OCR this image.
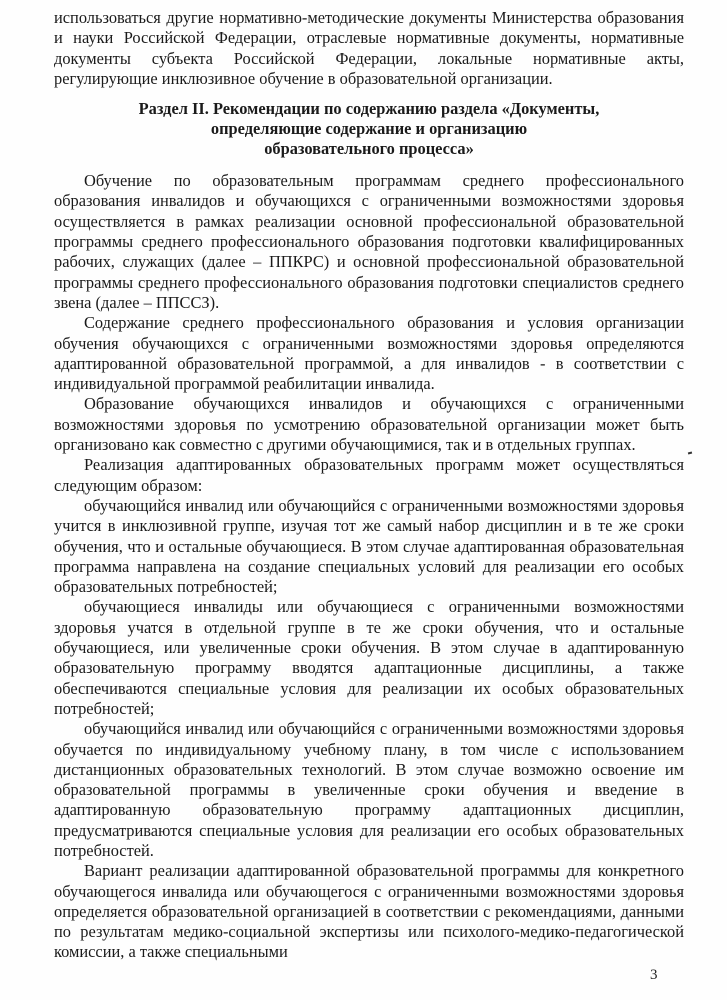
использоваться другие нормативно-методические документы Министерства образования и науки Российской Федерации, отраслевые нормативные документы, нормативные документы субъекта Российской Федерации, локальные нормативные акты, регулирующие инклюзивное обучение в образовательной организации.

Раздел II. Рекомендации по содержанию раздела «Документы,
определяющие содержание и организацию
образовательного процесса»

Обучение по образовательным программам среднего профессионального образования инвалидов и обучающихся с ограниченными возможностями здоровья осуществляется в рамках реализации основной профессиональной образовательной программы среднего профессионального образования подготовки квалифицированных рабочих, служащих (далее – ППКРС) и основной профессиональной образовательной программы среднего профессионального образования подготовки специалистов среднего звена (далее – ППССЗ).

Содержание среднего профессионального образования и условия организации обучения обучающихся с ограниченными возможностями здоровья определяются адаптированной образовательной программой, а для инвалидов - в соответствии с индивидуальной программой реабилитации инвалида.

Образование обучающихся инвалидов и обучающихся с ограниченными возможностями здоровья по усмотрению образовательной организации может быть организовано как совместно с другими обучающимися, так и в отдельных группах.

Реализация адаптированных образовательных программ может осуществляться следующим образом:

обучающийся инвалид или обучающийся с ограниченными возможностями здоровья учится в инклюзивной группе, изучая тот же самый набор дисциплин и в те же сроки обучения, что и остальные обучающиеся. В этом случае адаптированная образовательная программа направлена на создание специальных условий для реализации его особых образовательных потребностей;

обучающиеся инвалиды или обучающиеся с ограниченными возможностями здоровья учатся в отдельной группе в те же сроки обучения, что и остальные обучающиеся, или увеличенные сроки обучения. В этом случае в адаптированную образовательную программу вводятся адаптационные дисциплины, а также обеспечиваются специальные условия для реализации их особых образовательных потребностей;

обучающийся инвалид или обучающийся с ограниченными возможностями здоровья обучается по индивидуальному учебному плану, в том числе с использованием дистанционных образовательных технологий. В этом случае возможно освоение им образовательной программы в увеличенные сроки обучения и введение в адаптированную образовательную программу адаптационных дисциплин, предусматриваются специальные условия для реализации его особых образовательных потребностей.

Вариант реализации адаптированной образовательной программы для конкретного обучающегося инвалида или обучающегося с ограниченными возможностями здоровья определяется образовательной организацией в соответствии с рекомендациями, данными по результатам медико-социальной экспертизы или психолого-медико-педагогической комиссии, а также специальными

3
